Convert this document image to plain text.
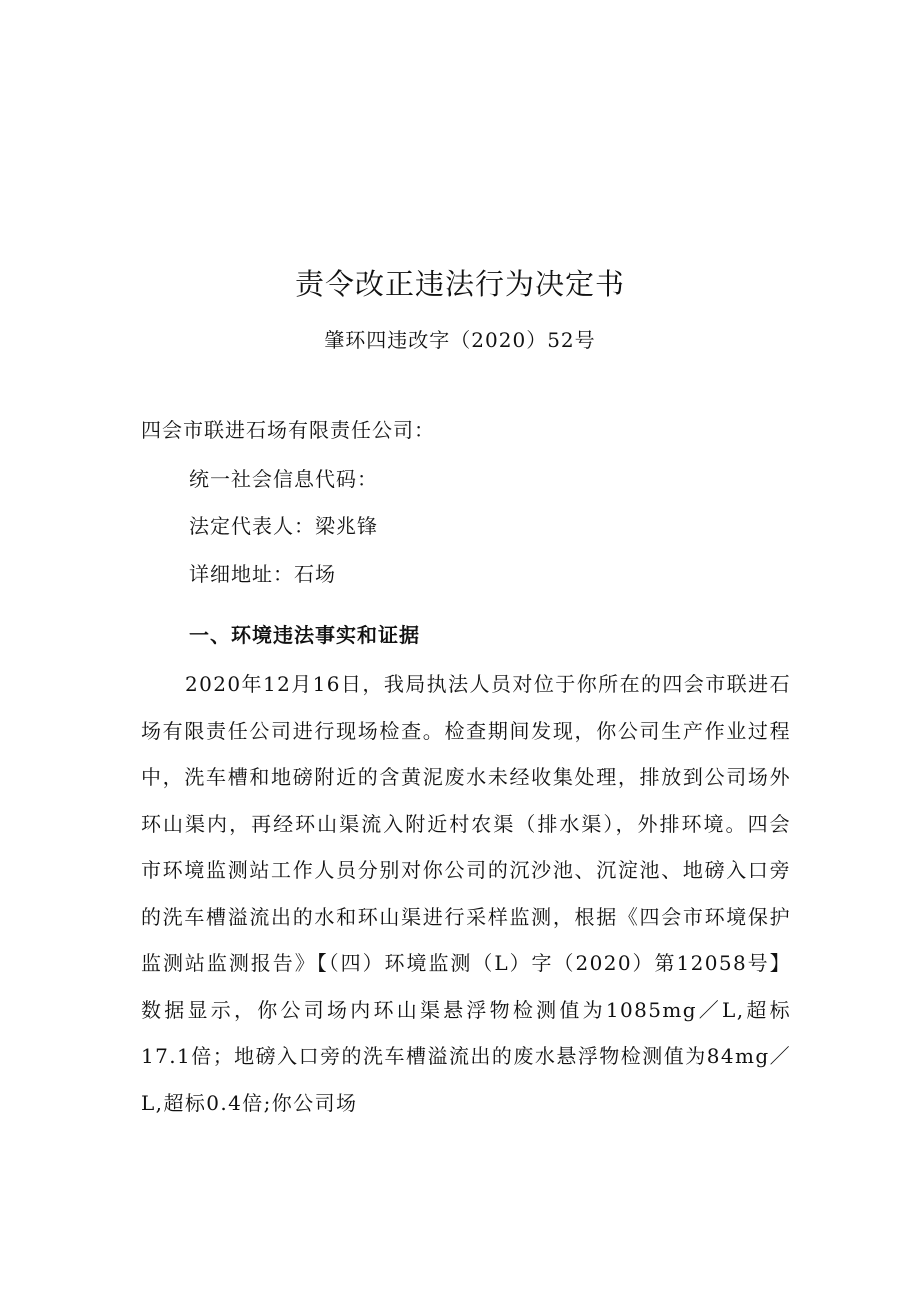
责令改正违法行为决定书
肇环四违改字（2020）52号
四会市联进石场有限责任公司：
统一社会信息代码：
法定代表人：梁兆锋
详细地址：石场
一、环境违法事实和证据

2020年12月16日，我局执法人员对位于你所在的四会市联进石场有限责任公司进行现场检查。检查期间发现，你公司生产作业过程中，洗车槽和地磅附近的含黄泥废水未经收集处理，排放到公司场外环山渠内，再经环山渠流入附近村农渠（排水渠），外排环境。四会市环境监测站工作人员分别对你公司的沉沙池、沉淀池、地磅入口旁的洗车槽溢流出的水和环山渠进行采样监测，根据《四会市环境保护监测站监测报告》【（四）环境监测（L）字（2020）第12058号】数据显示，你公司场内环山渠悬浮物检测值为1085mg／L,超标17.1倍；地磅入口旁的洗车槽溢流出的废水悬浮物检测值为84mg／L,超标0.4倍;你公司场
